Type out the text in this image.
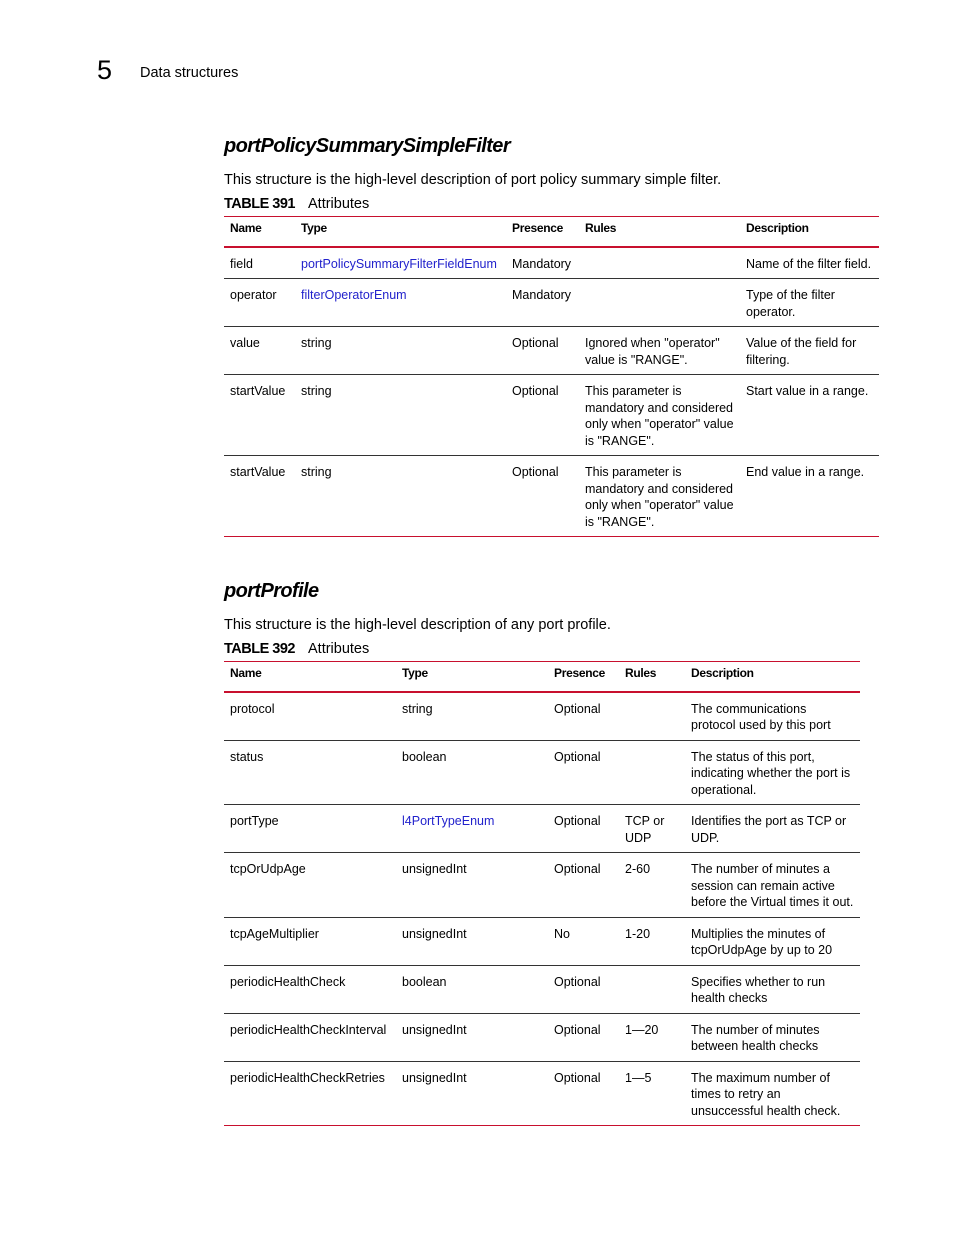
5 Data structures
portPolicySummarySimpleFilter

This structure is the high-level description of port policy summary simple filter.

TABLE 391 Attributes
Name	Type	Presence	Rules	Description
field	portPolicySummaryFilterFieldEnum	Mandatory		Name of the filter field.
operator	filterOperatorEnum	Mandatory		Type of the filter operator.
value	string	Optional	Ignored when "operator" value is "RANGE".	Value of the field for filtering.
startValue	string	Optional	This parameter is mandatory and considered only when "operator" value is "RANGE".	Start value in a range.
startValue	string	Optional	This parameter is mandatory and considered only when "operator" value is "RANGE".	End value in a range.
portProfile

This structure is the high-level description of any port profile.

TABLE 392 Attributes
Name	Type	Presence	Rules	Description
protocol	string	Optional		The communications protocol used by this port
status	boolean	Optional		The status of this port, indicating whether the port is operational.
portType	l4PortTypeEnum	Optional	TCP or UDP	Identifies the port as TCP or UDP.
tcpOrUdpAge	unsignedInt	Optional	2-60	The number of minutes a session can remain active before the Virtual times it out.
tcpAgeMultiplier	unsignedInt	No	1-20	Multiplies the minutes of tcpOrUdpAge by up to 20
periodicHealthCheck	boolean	Optional		Specifies whether to run health checks
periodicHealthCheckInterval	unsignedInt	Optional	1—20	The number of minutes between health checks
periodicHealthCheckRetries	unsignedInt	Optional	1—5	The maximum number of times to retry an unsuccessful health check.
